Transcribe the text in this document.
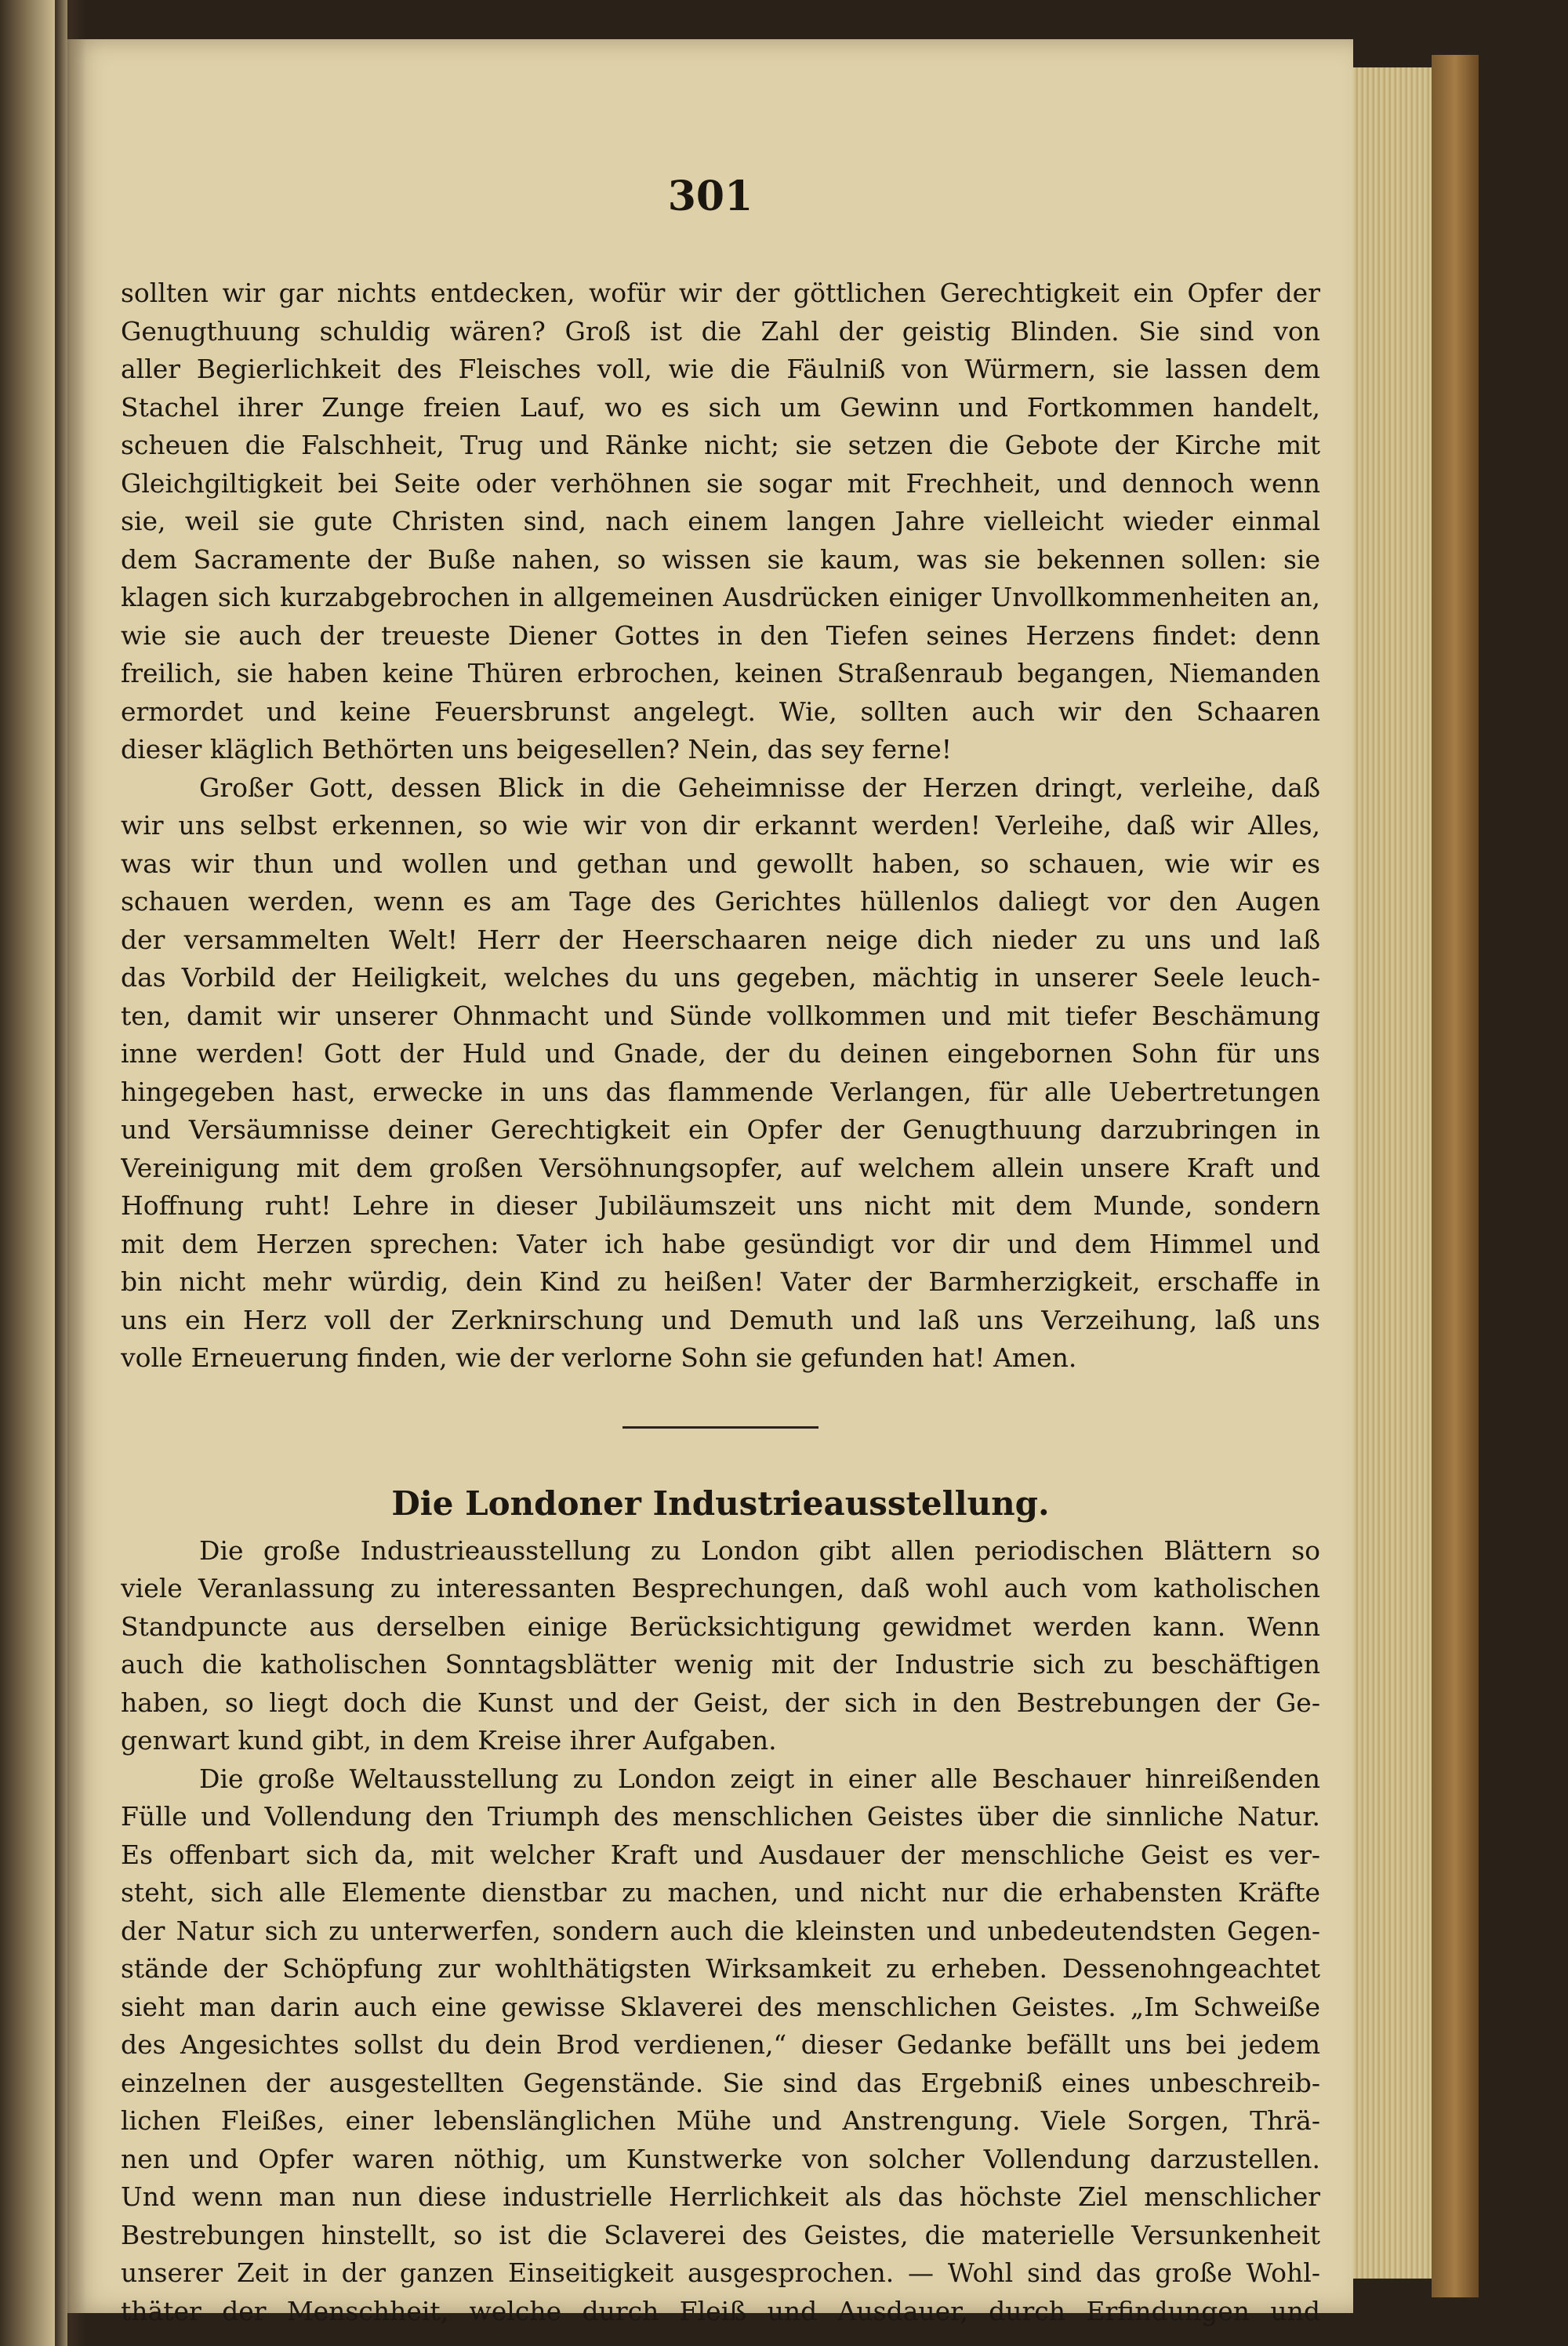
301
sollten wir gar nichts entdecken, wofür wir der göttlichen Gerechtigkeit ein Opfer der
Genugthuung schuldig wären? Groß ist die Zahl der geistig Blinden. Sie sind von
aller Begierlichkeit des Fleisches voll, wie die Fäulniß von Würmern, sie lassen dem
Stachel ihrer Zunge freien Lauf, wo es sich um Gewinn und Fortkommen handelt,
scheuen die Falschheit, Trug und Ränke nicht; sie setzen die Gebote der Kirche mit
Gleichgiltigkeit bei Seite oder verhöhnen sie sogar mit Frechheit, und dennoch wenn
sie, weil sie gute Christen sind, nach einem langen Jahre vielleicht wieder einmal
dem Sacramente der Buße nahen, so wissen sie kaum, was sie bekennen sollen: sie
klagen sich kurzabgebrochen in allgemeinen Ausdrücken einiger Unvollkommenheiten an,
wie sie auch der treueste Diener Gottes in den Tiefen seines Herzens findet: denn
freilich, sie haben keine Thüren erbrochen, keinen Straßenraub begangen, Niemanden
ermordet und keine Feuersbrunst angelegt. Wie, sollten auch wir den Schaaren
dieser kläglich Bethörten uns beigesellen? Nein, das sey ferne!
Großer Gott, dessen Blick in die Geheimnisse der Herzen dringt, verleihe, daß
wir uns selbst erkennen, so wie wir von dir erkannt werden! Verleihe, daß wir Alles,
was wir thun und wollen und gethan und gewollt haben, so schauen, wie wir es
schauen werden, wenn es am Tage des Gerichtes hüllenlos daliegt vor den Augen
der versammelten Welt! Herr der Heerschaaren neige dich nieder zu uns und laß
das Vorbild der Heiligkeit, welches du uns gegeben, mächtig in unserer Seele leuch-
ten, damit wir unserer Ohnmacht und Sünde vollkommen und mit tiefer Beschämung
inne werden! Gott der Huld und Gnade, der du deinen eingebornen Sohn für uns
hingegeben hast, erwecke in uns das flammende Verlangen, für alle Uebertretungen
und Versäumnisse deiner Gerechtigkeit ein Opfer der Genugthuung darzubringen in
Vereinigung mit dem großen Versöhnungsopfer, auf welchem allein unsere Kraft und
Hoffnung ruht! Lehre in dieser Jubiläumszeit uns nicht mit dem Munde, sondern
mit dem Herzen sprechen: Vater ich habe gesündigt vor dir und dem Himmel und
bin nicht mehr würdig, dein Kind zu heißen! Vater der Barmherzigkeit, erschaffe in
uns ein Herz voll der Zerknirschung und Demuth und laß uns Verzeihung, laß uns
volle Erneuerung finden, wie der verlorne Sohn sie gefunden hat! Amen.
Die Londoner Industrieausstellung.
Die große Industrieausstellung zu London gibt allen periodischen Blättern so
viele Veranlassung zu interessanten Besprechungen, daß wohl auch vom katholischen
Standpuncte aus derselben einige Berücksichtigung gewidmet werden kann. Wenn
auch die katholischen Sonntagsblätter wenig mit der Industrie sich zu beschäftigen
haben, so liegt doch die Kunst und der Geist, der sich in den Bestrebungen der Ge-
genwart kund gibt, in dem Kreise ihrer Aufgaben.
Die große Weltausstellung zu London zeigt in einer alle Beschauer hinreißenden
Fülle und Vollendung den Triumph des menschlichen Geistes über die sinnliche Natur.
Es offenbart sich da, mit welcher Kraft und Ausdauer der menschliche Geist es ver-
steht, sich alle Elemente dienstbar zu machen, und nicht nur die erhabensten Kräfte
der Natur sich zu unterwerfen, sondern auch die kleinsten und unbedeutendsten Gegen-
stände der Schöpfung zur wohlthätigsten Wirksamkeit zu erheben. Dessenohngeachtet
sieht man darin auch eine gewisse Sklaverei des menschlichen Geistes. „Im Schweiße
des Angesichtes sollst du dein Brod verdienen,“ dieser Gedanke befällt uns bei jedem
einzelnen der ausgestellten Gegenstände. Sie sind das Ergebniß eines unbeschreib-
lichen Fleißes, einer lebenslänglichen Mühe und Anstrengung. Viele Sorgen, Thrä-
nen und Opfer waren nöthig, um Kunstwerke von solcher Vollendung darzustellen.
Und wenn man nun diese industrielle Herrlichkeit als das höchste Ziel menschlicher
Bestrebungen hinstellt, so ist die Sclaverei des Geistes, die materielle Versunkenheit
unserer Zeit in der ganzen Einseitigkeit ausgesprochen. — Wohl sind das große Wohl-
thäter der Menschheit, welche durch Fleiß und Ausdauer, durch Erfindungen und
